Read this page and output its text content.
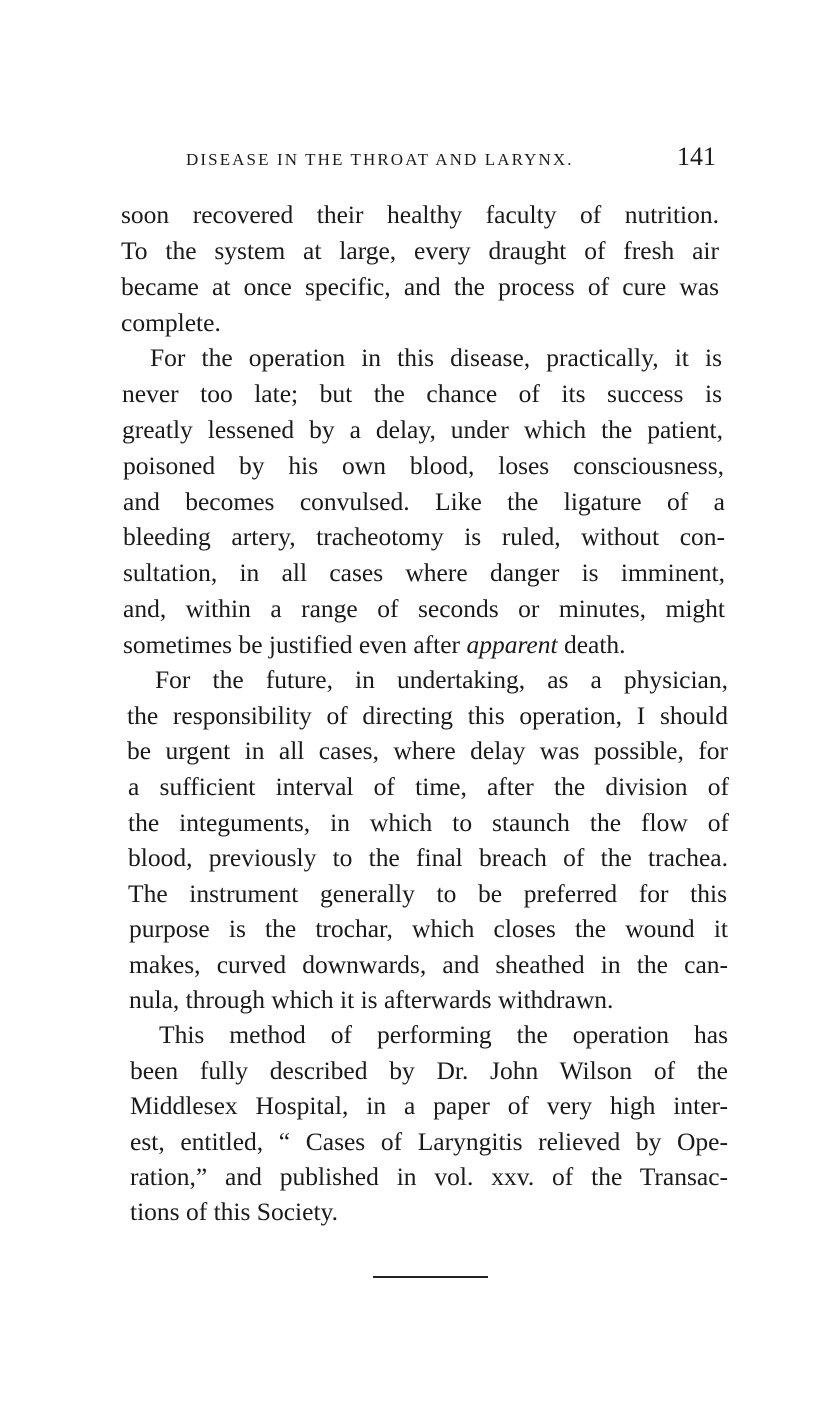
DISEASE IN THE THROAT AND LARYNX.	141
soon recovered their healthy faculty of nutrition.
To the system at large, every draught of fresh air
became at once specific, and the process of cure was
complete.
For the operation in this disease, practically, it is
never too late; but the chance of its success is
greatly lessened by a delay, under which the patient,
poisoned by his own blood, loses consciousness,
and becomes convulsed. Like the ligature of a
bleeding artery, tracheotomy is ruled, without con-
sultation, in all cases where danger is imminent,
and, within a range of seconds or minutes, might
sometimes be justified even after apparent death.
For the future, in undertaking, as a physician,
the responsibility of directing this operation, I should
be urgent in all cases, where delay was possible, for
a sufficient interval of time, after the division of
the integuments, in which to staunch the flow of
blood, previously to the final breach of the trachea.
The instrument generally to be preferred for this
purpose is the trochar, which closes the wound it
makes, curved downwards, and sheathed in the can-
nula, through which it is afterwards withdrawn.
This method of performing the operation has
been fully described by Dr. John Wilson of the
Middlesex Hospital, in a paper of very high inter-
est, entitled, “ Cases of Laryngitis relieved by Ope-
ration,” and published in vol. xxv. of the Transac-
tions of this Society.
